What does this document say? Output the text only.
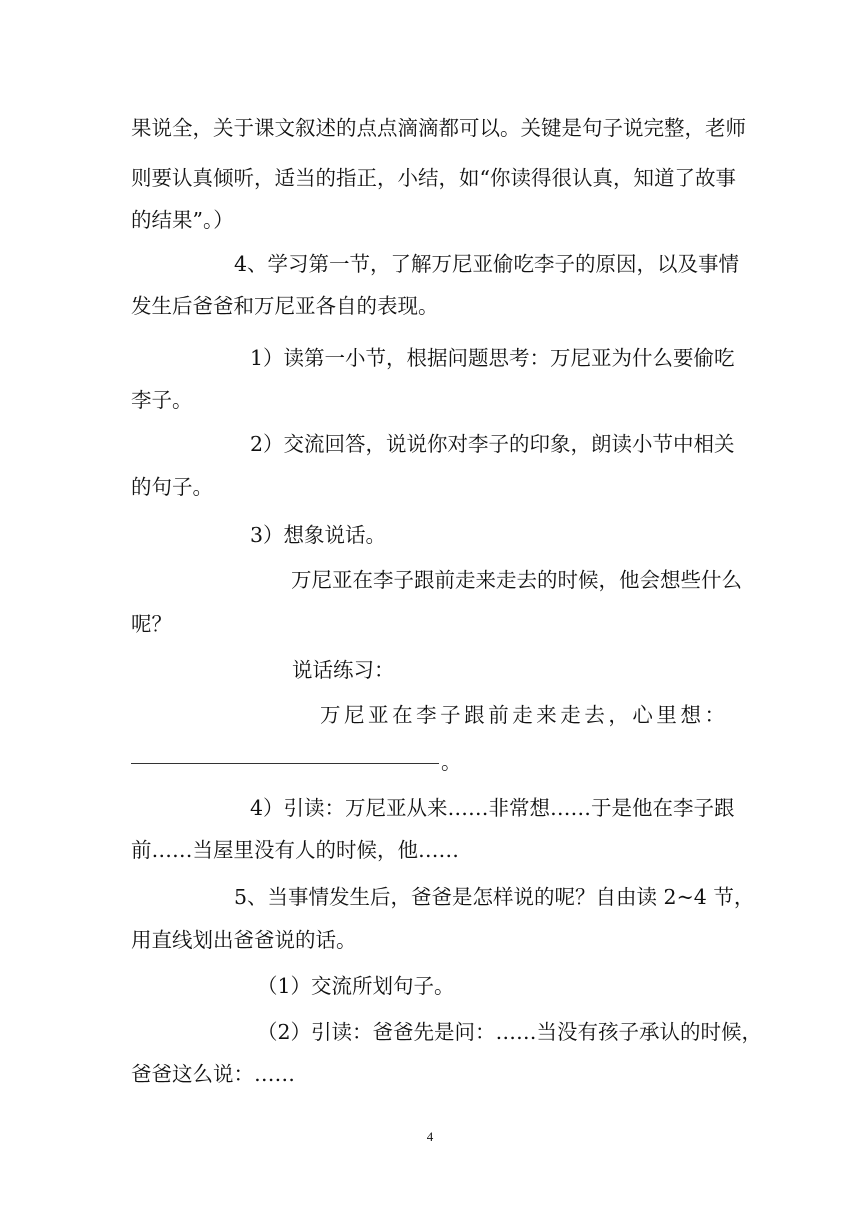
果说全，关于课文叙述的点点滴滴都可以。关键是句子说完整，老师
则要认真倾听，适当的指正，小结，如“你读得很认真，知道了故事
的结果”。）
4、学习第一节，了解万尼亚偷吃李子的原因，以及事情
发生后爸爸和万尼亚各自的表现。
1）读第一小节，根据问题思考：万尼亚为什么要偷吃
李子。
2）交流回答，说说你对李子的印象，朗读小节中相关
的句子。
3）想象说话。
万尼亚在李子跟前走来走去的时候，他会想些什么
呢？
说话练习：
万尼亚在李子跟前走来走去，心里想：
。
4）引读：万尼亚从来……非常想……于是他在李子跟
前……当屋里没有人的时候，他……
5、当事情发生后，爸爸是怎样说的呢？自由读 2~4 节，
用直线划出爸爸说的话。
（1）交流所划句子。
（2）引读：爸爸先是问：……当没有孩子承认的时候，
爸爸这么说：……
4
